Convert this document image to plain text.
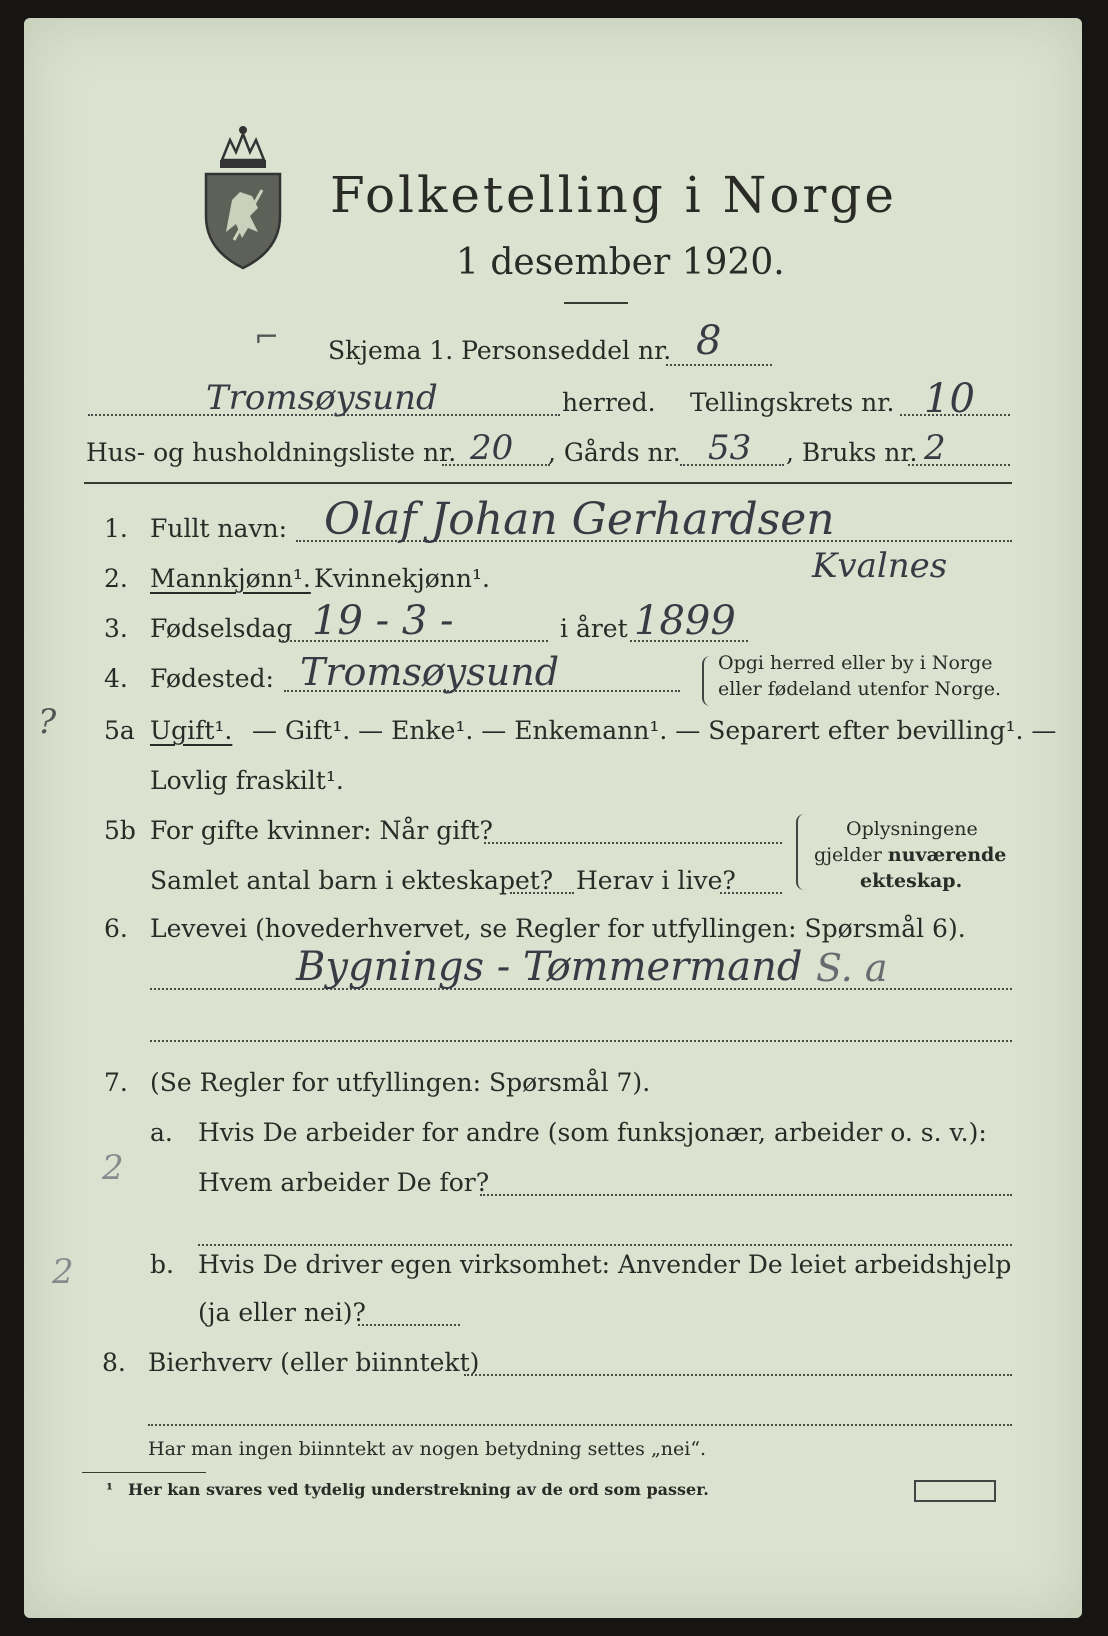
Folketelling i Norge
1 desember 1920.
⌐ Skjema 1. Personseddel nr. 8
Tromsøysund	herred. Tellingskrets nr. 10
Hus- og husholdningsliste nr. 20 , Gårds nr. 53 , Bruks nr. 2
1. Fullt navn: Olaf Johan Gerhardsen
Kvalnes
2. Mannkjønn¹. Kvinnekjønn¹.
3. Fødselsdag 19 - 3 -	i året 1899
4. Fødested: Tromsøysund	Opgi herred eller by i Norge
eller fødeland utenfor Norge.
? 5a Ugift¹. — Gift¹. — Enke¹. — Enkemann¹. — Separert efter bevilling¹. —
Lovlig fraskilt¹.
5b For gifte kvinner: Når gift?
Samlet antal barn i ekteskapet? Herav i live?
Oplysningene
gjelder nuværende
ekteskap.
6. Levevei (hovederhvervet, se Regler for utfyllingen: Spørsmål 6).
Bygnings - Tømmermand S. a
7. (Se Regler for utfyllingen: Spørsmål 7).
a. Hvis De arbeider for andre (som funksjonær, arbeider o. s. v.):
2	Hvem arbeider De for?
b. Hvis De driver egen virksomhet: Anvender De leiet arbeidshjelp
2
(ja eller nei)?
8. Bierhverv (eller biinntekt)
Har man ingen biinntekt av nogen betydning settes „nei“.
¹ Her kan svares ved tydelig understrekning av de ord som passer.
